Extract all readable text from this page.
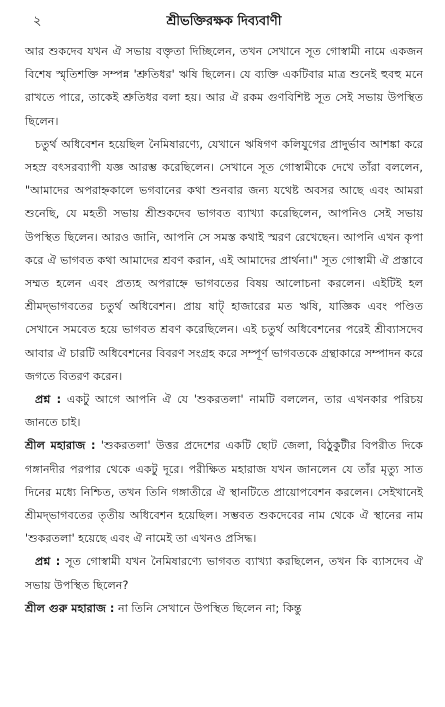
২	শ্রীভক্তিরক্ষক দিব্যবাণী

আর শুকদেব যখন ঐ সভায় বক্তৃতা দিচ্ছিলেন, তখন সেখানে সূত গোস্বামী নামে একজন বিশেষ স্মৃতিশক্তি সম্পন্ন 'শ্রুতিধর' ঋষি ছিলেন। যে ব্যক্তি একটিবার মাত্র শুনেই হুবহু মনে রাখতে পারে, তাকেই শ্রুতিধর বলা হয়। আর ঐ রকম গুণবিশিষ্ট সূত সেই সভায় উপস্থিত ছিলেন।

চতুর্থ অধিবেশন হয়েছিল নৈমিষারণ্যে, যেখানে ঋষিগণ কলিযুগের প্রাদুর্ভাব আশঙ্কা করে সহস্র বৎসরব্যাপী যজ্ঞ আরম্ভ করেছিলেন। সেখানে সূত গোস্বামীকে দেখে তাঁরা বললেন, "আমাদের অপরাহ্নকালে ভগবানের কথা শুনবার জন্য যথেষ্ট অবসর আছে এবং আমরা শুনেছি, যে মহতী সভায় শ্রীশুকদেব ভাগবত ব্যাখ্যা করেছিলেন, আপনিও সেই সভায় উপস্থিত ছিলেন। আরও জানি, আপনি সে সমস্ত কথাই স্মরণ রেখেছেন। আপনি এখন কৃপা করে ঐ ভাগবত কথা আমাদের শ্রবণ করান, এই আমাদের প্রার্থনা।" সূত গোস্বামী ঐ প্রস্তাবে সম্মত হলেন এবং প্রত্যহ অপরাহ্নে ভাগবতের বিষয় আলোচনা করলেন। এইটিই হল শ্রীমদ্‌ভাগবতের চতুর্থ অধিবেশন। প্রায় ষাট্‌ হাজারের মত ঋষি, যাজ্ঞিক এবং পণ্ডিত সেখানে সমবেত হয়ে ভাগবত শ্রবণ করেছিলেন। এই চতুর্থ অধিবেশনের পরেই শ্রীব্যাসদেব আবার ঐ চারটি অধিবেশনের বিবরণ সংগ্রহ করে সম্পূর্ণ ভাগবতকে গ্রন্থাকারে সম্পাদন করে জগতে বিতরণ করেন।

প্রশ্ন : একটু আগে আপনি ঐ যে 'শুকরতলা' নামটি বললেন, তার এখনকার পরিচয় জানতে চাই।

শ্রীল মহারাজ : 'শুকরতলা' উত্তর প্রদেশের একটি ছোট জেলা, বিঠুকুটীর বিপরীত দিকে গঙ্গানদীর পরপার থেকে একটু দূরে। পরীক্ষিত মহারাজ যখন জানলেন যে তাঁর মৃত্যু সাত দিনের মধ্যে নিশ্চিত, তখন তিনি গঙ্গাতীরে ঐ স্থানটিতে প্রায়োপবেশন করলেন। সেইখানেই শ্রীমদ্‌ভাগবতের তৃতীয় অধিবেশন হয়েছিল। সম্ভবত শুকদেবের নাম থেকে ঐ স্থানের নাম 'শুকরতলা' হয়েছে এবং ঐ নামেই তা এখনও প্রসিদ্ধ।

প্রশ্ন : সূত গোস্বামী যখন নৈমিষারণ্যে ভাগবত ব্যাখ্যা করছিলেন, তখন কি ব্যাসদেব ঐ সভায় উপস্থিত ছিলেন?

শ্রীল গুরু মহারাজ : না তিনি সেখানে উপস্থিত ছিলেন না; কিন্তু
